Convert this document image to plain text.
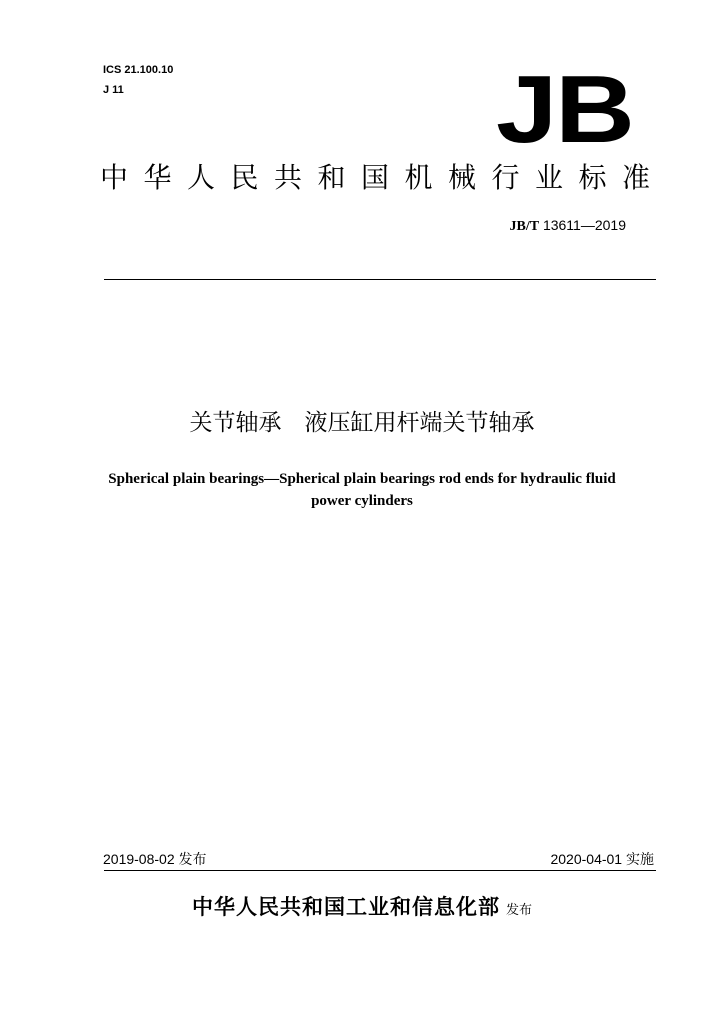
ICS 21.100.10
J 11	JB
中华人民共和国机械行业标准
JB/T 13611—2019
关节轴承　液压缸用杆端关节轴承
Spherical plain bearings—Spherical plain bearings rod ends for hydraulic fluid power cylinders
2019-08-02 发布	2020-04-01 实施
中华人民共和国工业和信息化部 发布
